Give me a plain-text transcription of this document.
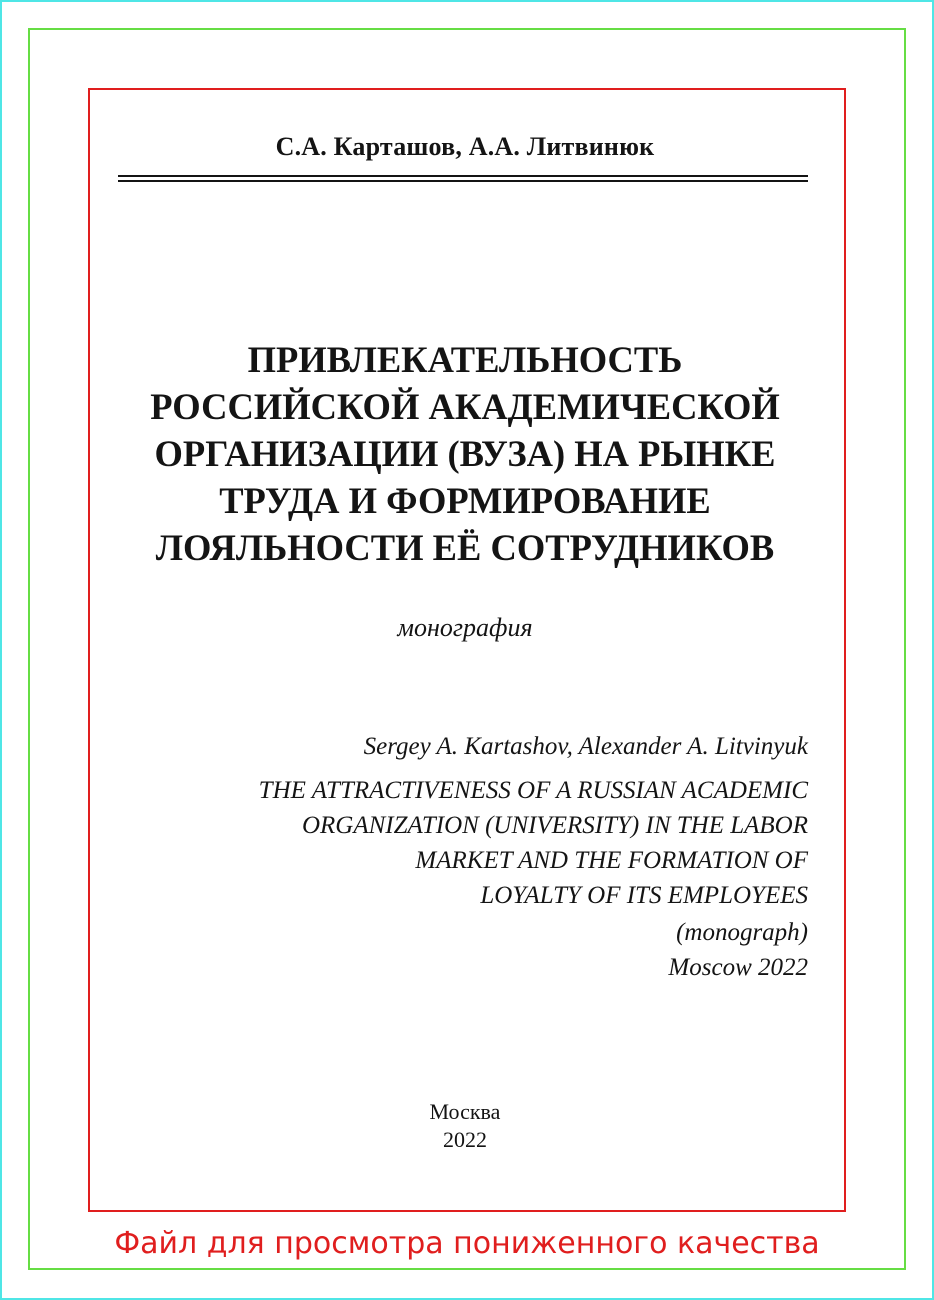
С.А. Карташов, А.А. Литвинюк
ПРИВЛЕКАТЕЛЬНОСТЬ
РОССИЙСКОЙ АКАДЕМИЧЕСКОЙ
ОРГАНИЗАЦИИ (ВУЗА) НА РЫНКЕ
ТРУДА И ФОРМИРОВАНИЕ
ЛОЯЛЬНОСТИ ЕЁ СОТРУДНИКОВ
монография
Sergey A. Kartashov, Alexander A. Litvinyuk
THE ATTRACTIVENESS OF A RUSSIAN ACADEMIC
ORGANIZATION (UNIVERSITY) IN THE LABOR
MARKET AND THE FORMATION OF
LOYALTY OF ITS EMPLOYEES
(monograph)
Moscow 2022
Москва
2022
Файл для просмотра пониженного качества
